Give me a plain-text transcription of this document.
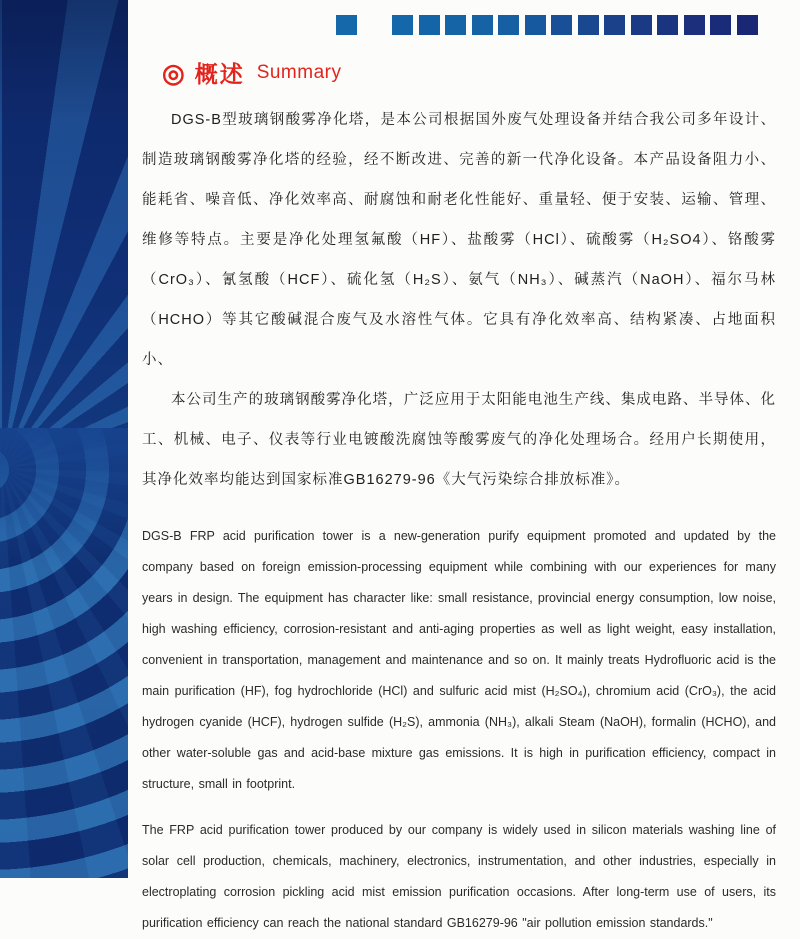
◎ 概述 Summary

DGS-B型玻璃钢酸雾净化塔，是本公司根据国外废气处理设备并结合我公司多年设计、制造玻璃钢酸雾净化塔的经验，经不断改进、完善的新一代净化设备。本产品设备阻力小、能耗省、噪音低、净化效率高、耐腐蚀和耐老化性能好、重量轻、便于安装、运输、管理、维修等特点。主要是净化处理氢氟酸（HF）、盐酸雾（HCl）、硫酸雾（H₂SO4）、铬酸雾（CrO₃）、氰氢酸（HCF）、硫化氢（H₂S）、氨气（NH₃）、碱蒸汽（NaOH）、福尔马林（HCHO）等其它酸碱混合废气及水溶性气体。它具有净化效率高、结构紧凑、占地面积小、

本公司生产的玻璃钢酸雾净化塔，广泛应用于太阳能电池生产线、集成电路、半导体、化工、机械、电子、仪表等行业电镀酸洗腐蚀等酸雾废气的净化处理场合。经用户长期使用，其净化效率均能达到国家标准GB16279-96《大气污染综合排放标准》。

DGS-B FRP acid purification tower is a new-generation purify equipment promoted and updated by the company based on foreign emission-processing equipment while combining with our experiences for many years in design. The equipment has character like: small resistance, provincial energy consumption, low noise, high washing efficiency, corrosion-resistant and anti-aging properties as well as light weight, easy installation, convenient in transportation, management and maintenance and so on. It mainly treats Hydrofluoric acid is the main purification (HF), fog hydrochloride (HCl) and sulfuric acid mist (H₂SO₄), chromium acid (CrO₃), the acid hydrogen cyanide (HCF), hydrogen sulfide (H₂S), ammonia (NH₃), alkali Steam (NaOH), formalin (HCHO), and other water-soluble gas and acid-base mixture gas emissions. It is high in purification efficiency, compact in structure, small in footprint.

The FRP acid purification tower produced by our company is widely used in silicon materials washing line of solar cell production, chemicals, machinery, electronics, instrumentation, and other industries, especially in electroplating corrosion pickling acid mist emission purification occasions. After long-term use of users, its purification efficiency can reach the national standard GB16279-96 "air pollution emission standards."
